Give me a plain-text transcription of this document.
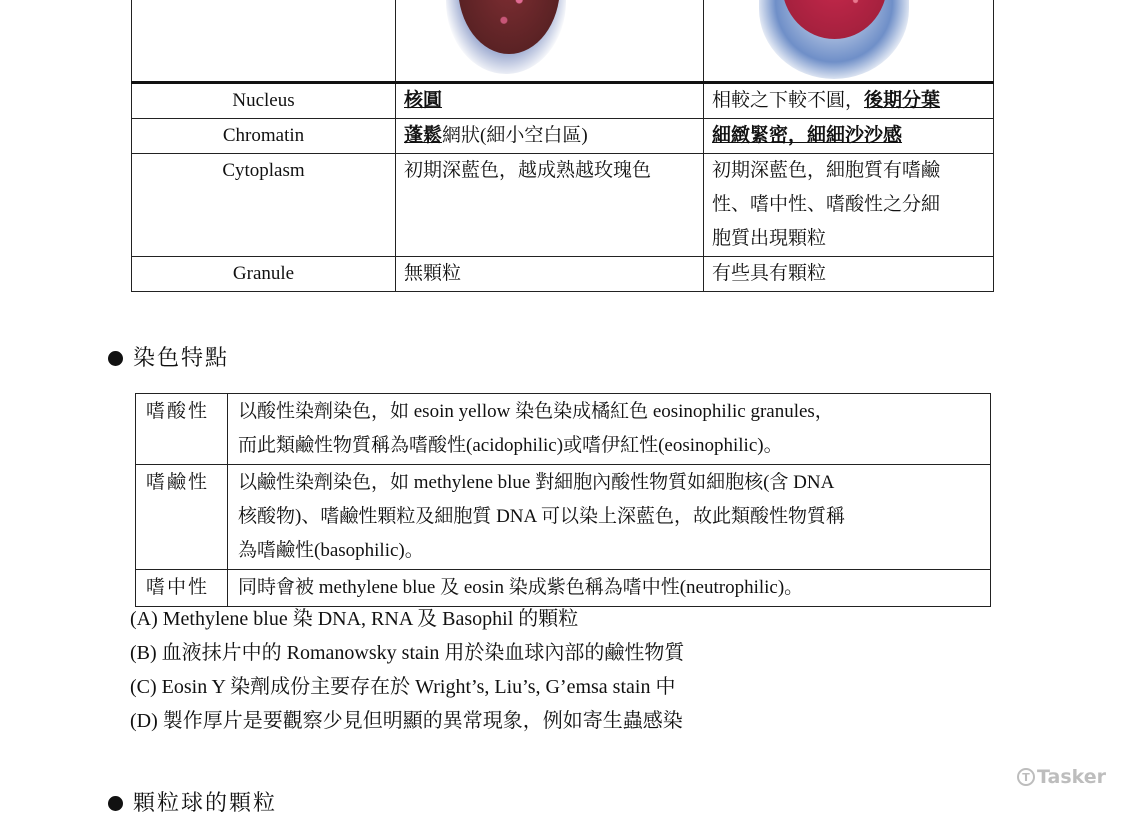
Nucleus	核圓	相較之下較不圓，後期分葉
Chromatin	蓬鬆網狀(細小空白區)	細緻緊密，細細沙沙感
Cytoplasm	初期深藍色，越成熟越玫瑰色	初期深藍色，細胞質有嗜鹼
性、嗜中性、嗜酸性之分細
胞質出現顆粒

Granule	無顆粒	有些具有顆粒
染色特點
嗜酸性	以酸性染劑染色，如 esoin yellow 染色染成橘紅色 eosinophilic granules，
而此類鹼性物質稱為嗜酸性(acidophilic)或嗜伊紅性(eosinophilic)。

嗜鹼性	以鹼性染劑染色，如 methylene blue 對細胞內酸性物質如細胞核(含 DNA
核酸物)、嗜鹼性顆粒及細胞質 DNA 可以染上深藍色，故此類酸性物質稱
為嗜鹼性(basophilic)。

嗜中性	同時會被 methylene blue 及 eosin 染成紫色稱為嗜中性(neutrophilic)。
(A) Methylene blue 染 DNA, RNA 及 Basophil 的顆粒
(B) 血液抹片中的 Romanowsky stain 用於染血球內部的鹼性物質
(C) Eosin Y 染劑成份主要存在於 Wright’s, Liu’s, G’emsa stain 中
(D) 製作厚片是要觀察少見但明顯的異常現象，例如寄生蟲感染
顆粒球的顆粒
T Tasker
